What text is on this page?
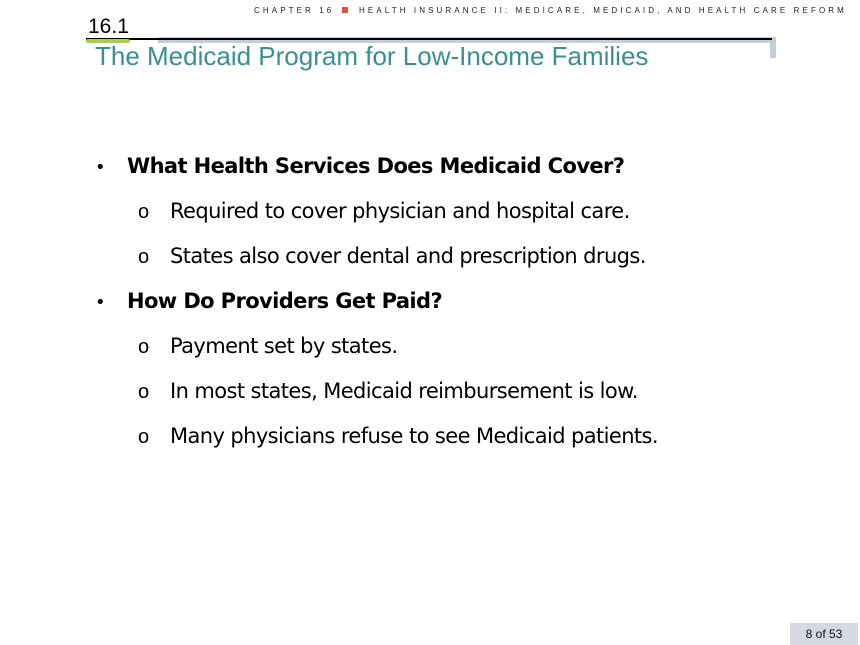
CHAPTER 16	HEALTH INSURANCE II: MEDICARE, MEDICAID, AND HEALTH CARE REFORM
16.1
The Medicaid Program for Low-Income Families
•	What Health Services Does Medicaid Cover?
o	Required to cover physician and hospital care.
o	States also cover dental and prescription drugs.
•	How Do Providers Get Paid?
o	Payment set by states.
o	In most states, Medicaid reimbursement is low.
o	Many physicians refuse to see Medicaid patients.
8 of 53
